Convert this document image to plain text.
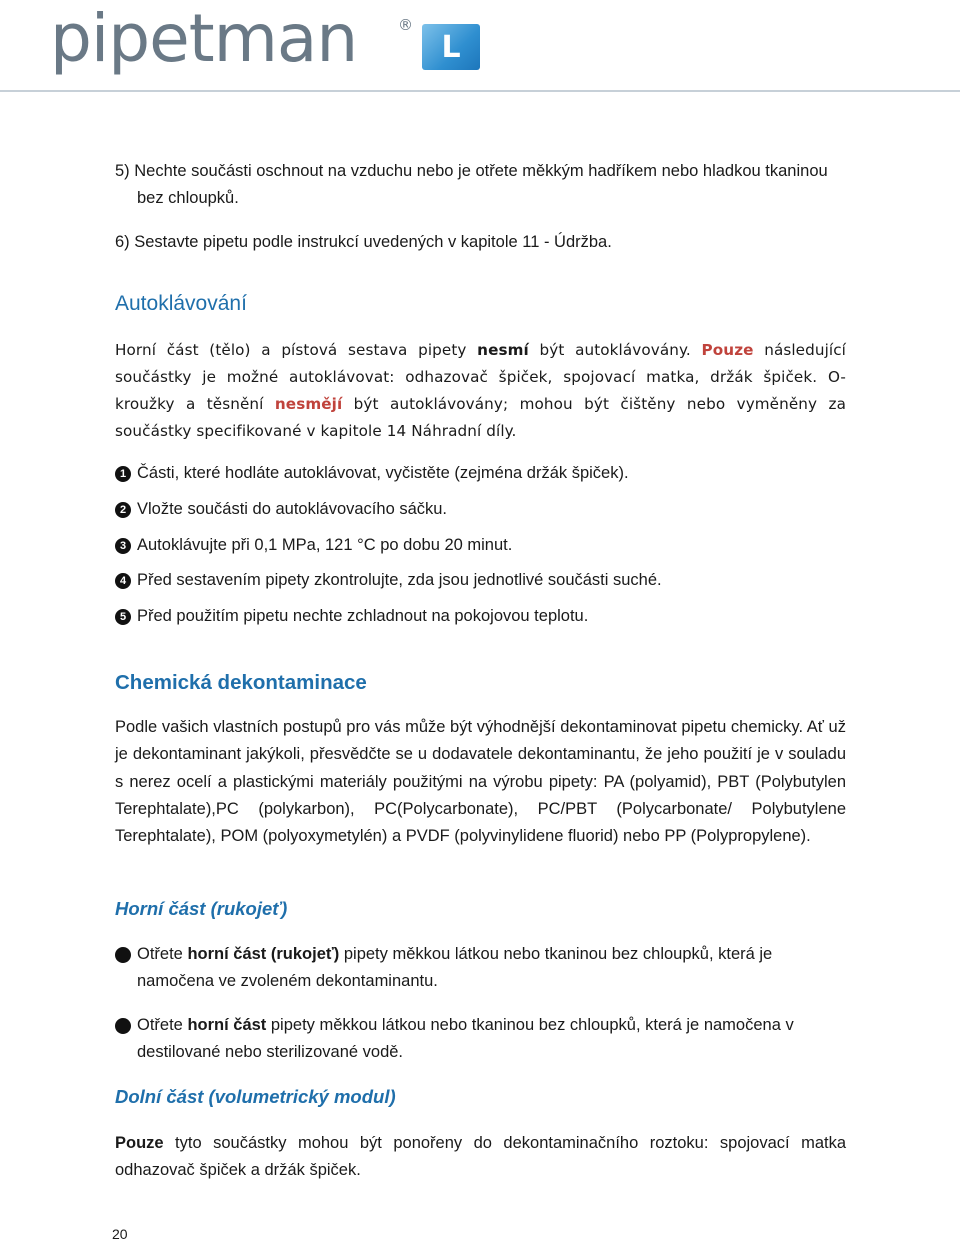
pipetman	®
L

5) Nechte součásti oschnout na vzduchu nebo je otřete měkkým hadříkem nebo hladkou tkaninou bez chloupků.

6) Sestavte pipetu podle instrukcí uvedených v kapitole 11 - Údržba.

Autoklávování

Horní část (tělo) a pístová sestava pipety nesmí být autoklávovány. Pouze následující součástky je možné autoklávovat: odhazovač špiček, spojovací matka, držák špiček. O-kroužky a těsnění nesmějí být autoklávovány; mohou být čištěny nebo vyměněny za součástky specifikované v kapitole 14 Náhradní díly.

1 Části, které hodláte autoklávovat, vyčistěte (zejména držák špiček).

2 Vložte součásti do autoklávovacího sáčku.

3 Autoklávujte při 0,1 MPa, 121 °C po dobu 20 minut.

4 Před sestavením pipety zkontrolujte, zda jsou jednotlivé součásti suché.

5 Před použitím pipetu nechte zchladnout na pokojovou teplotu.

Chemická dekontaminace

Podle vašich vlastních postupů pro vás může být výhodnější dekontaminovat pipetu chemicky. Ať už je dekontaminant jakýkoli, přesvědčte se u dodavatele dekontaminantu, že jeho použití je v souladu s nerez ocelí a plastickými materiály použitými na výrobu pipety: PA (polyamid), PBT (Polybutylen Terephtalate),PC (polykarbon), PC(Polycarbonate), PC/PBT (Polycarbonate/ Polybutylene Terephtalate), POM (polyoxymetylén) a PVDF (polyvinylidene fluorid) nebo PP (Polypropylene).

Horní část (rukojeť)

1 Otřete horní část (rukojeť) pipety měkkou látkou nebo tkaninou bez chloupků, která je namočena ve zvoleném dekontaminantu.

2 Otřete horní část pipety měkkou látkou nebo tkaninou bez chloupků, která je namočena v destilované nebo sterilizované vodě.

Dolní část (volumetrický modul)

Pouze tyto součástky mohou být ponořeny do dekontaminačního roztoku: spojovací matka odhazovač špiček a držák špiček.

20
